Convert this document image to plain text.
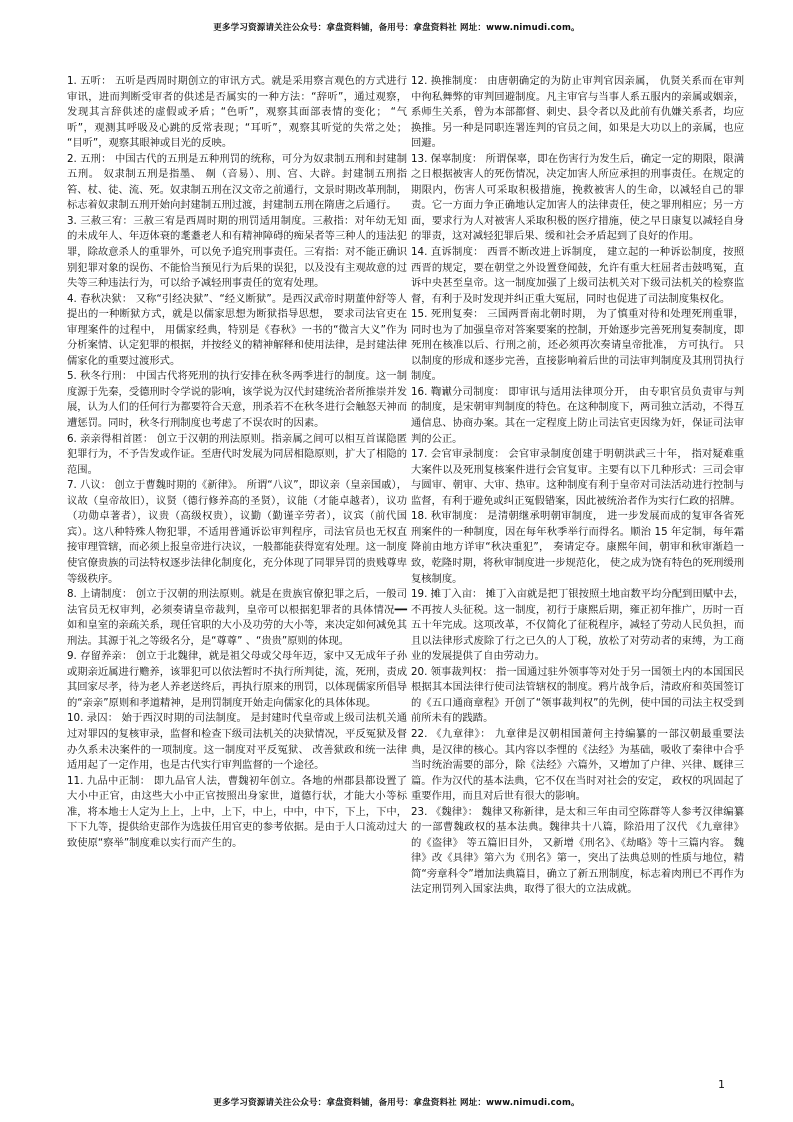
更多学习资源请关注公众号：拿盘资料铺，备用号：拿盘资料社 网址：www.nimudi.com。

1. 五听： 五听是西周时期创立的审讯方式。就是采用察言观色的方式进行审讯，进而判断受审者的供述是否属实的一种方法：“辞听”，通过观察，发现其言辞供述的虚假或矛盾；“色听”，观察其面部表情的变化； “气听”，观测其呼吸及心跳的反常表现；“耳听”，观察其听觉的失常之处； “目听”，观察其眼神或目光的反映。

2. 五刑： 中国古代的五刑是五种刑罚的统称，可分为奴隶制五刑和封建制五刑。 奴隶制五刑是指墨、 劓（音易）、刖、宫、大辟。封建制五刑指笞、杖、徒、流、死。奴隶制五刑在汉文帝之前通行，文景时期改革刑制，标志着奴隶制五刑开始向封建制五刑过渡，封建制五刑在隋唐之后通行。

3. 三赦三宥：三赦三宥是西周时期的刑罚适用制度。三赦指：对年幼无知的未成年人、年迈体衰的耄耋老人和有精神障碍的痴呆者等三种人的违法犯罪，除故意杀人的重罪外，可以免予追究刑事责任。三宥指：对不能正确识别犯罪对象的误伤、不能恰当预见行为后果的误犯，以及没有主观故意的过失等三种违法行为，可以给予减轻刑事责任的宽宥处理。

4. 春秋决狱： 又称“引经决狱”、“经义断狱”。是西汉武帝时期董仲舒等人提出的一种断狱方式，就是以儒家思想为断狱指导思想， 要求司法官吏在审理案件的过程中， 用儒家经典，特别是《春秋》一书的“微言大义”作为分析案情、认定犯罪的根据，并按经义的精神解释和使用法律，是封建法律儒家化的重要过渡形式。

5. 秋冬行刑： 中国古代将死刑的执行安排在秋冬两季进行的制度。这一制度源于先秦，受德刑时令学说的影响，该学说为汉代封建统治者所推崇并发展，认为人们的任何行为都要符合天意，刑杀若不在秋冬进行会触怒天神而遭惩罚。同时，秋冬行刑制度也考虑了不误农时的因素。

6. 亲亲得相首匿： 创立于汉朝的刑法原则。指亲属之间可以相互首谋隐匿犯罪行为，不予告发或作证。至唐代时发展为同居相隐原则，扩大了相隐的范围。

7. 八议： 创立于曹魏时期的《新律》。 所谓“八议”，即议亲（皇亲国戚），议故（皇帝故旧），议贤（德行修养高的圣贤），议能（才能卓越者），议功（功勋卓著者），议贵（高级权贵），议勤（勤谨辛劳者），议宾（前代国宾）。这八种特殊人物犯罪，不适用普通诉讼审判程序，司法官员也无权直接审理管辖，而必须上报皇帝进行决议，一般都能获得宽宥处理。这一制度使官僚贵族的司法特权逐步法律化制度化，充分体现了同罪异罚的贵贱尊卑等级秩序。

8. 上请制度： 创立于汉朝的刑法原则。就是在贵族官僚犯罪之后，一般司法官员无权审判，必须奏请皇帝裁判，皇帝可以根据犯罪者的具体情况━━如和皇室的亲疏关系，现任官职的大小及功劳的大小等，来决定如何减免其刑法。其源于礼之等级名分，是“尊尊” 、“贵贵”原则的体现。

9. 存留养亲： 创立于北魏律，就是祖父母或父母年迈，家中又无成年子孙或期亲近属进行赡养，该罪犯可以依法暂时不执行所判徒，流，死刑，责成其回家尽孝，待为老人养老送终后，再执行原来的刑罚，以体现儒家所倡导的“亲亲”原则和孝道精神，是刑罚制度开始走向儒家化的具体体现。

10. 录囚： 始于西汉时期的司法制度。 是封建时代皇帝或上级司法机关通过对罪囚的复核审录，监督和检查下级司法机关的决狱情况，平反冤狱及督办久系未决案件的一项制度。这一制度对平反冤狱、 改善狱政和统一法律适用起了一定作用，也是古代实行审判监督的一个途径。

11. 九品中正制： 即九品官人法，曹魏初年创立。各地的州郡县都设置了大小中正官，由这些大小中正官按照出身家世，道德行状，才能大小等标准，将本地士人定为上上，上中，上下，中上，中中，中下，下上，下中，下下九等，提供给吏部作为选拔任用官吏的参考依据。是由于人口流动过大致使原“察举”制度难以实行而产生的。

12. 换推制度： 由唐朝确定的为防止审判官因亲属， 仇贤关系而在审判中徇私舞弊的审判回避制度。凡主审官与当事人系五服内的亲属或姻亲，系师生关系，曾为本部都督、刺史、县令者以及此前有仇嫌关系者，均应换推。另一种是同职连署连判的官员之间，如果是大功以上的亲属，也应回避。

13. 保辜制度： 所谓保辜，即在伤害行为发生后，确定一定的期限，限满之日根据被害人的死伤情况，决定加害人所应承担的刑事责任。在规定的期限内，伤害人可采取积极措施，挽救被害人的生命，以减轻自己的罪责。它一方面力争正确地认定加害人的法律责任，使之罪刑相应；另一方面，要求行为人对被害人采取积极的医疗措施，使之早日康复以减轻自身的罪责，这对减轻犯罪后果、缓和社会矛盾起到了良好的作用。

14. 直诉制度： 西晋不断改进上诉制度， 建立起的一种诉讼制度，按照西晋的规定，要在朝堂之外设置登闻鼓，允许有重大枉屈者击鼓鸣冤，直诉中央甚至皇帝。这一制度加强了上级司法机关对下级司法机关的检察监督，有利于及时发现并纠正重大冤屈，同时也促进了司法制度集权化。

15. 死刑复奏： 三国两晋南北朝时期， 为了慎重对待和处理死刑重罪，同时也为了加强皇帝对答案要案的控制，开始逐步完善死刑复奏制度，即死刑在核准以后、行刑之前，还必须再次奏请皇帝批准， 方可执行。 只以制度的形成和逐步完善，直接影响着后世的司法审判制度及其刑罚执行制度。

16. 鞫谳分司制度： 即审讯与适用法律项分开， 由专职官员负责审与判的制度，是宋朝审判制度的特色。在这种制度下，两司独立活动，不得互通信息、协商办案。其在一定程度上防止司法官吏因缘为奸，保证司法审判的公正。

17. 会官审录制度： 会官审录制度创建于明朝洪武三十年， 指对疑难重大案件以及死刑复核案件进行会官复审。主要有以下几种形式：三司会审与圆审、朝审、大审、热审。这种制度有利于皇帝对司法活动进行控制与监督，有利于避免或纠正冤假错案，因此被统治者作为实行仁政的招牌。

18. 秋审制度： 是清朝继承明朝审制度， 进一步发展而成的复审各省死刑案件的一种制度，因在每年秋季举行而得名。顺治 15 年定制，每年霜降前由地方详审“秋决重犯”， 奏请定夺。康熙年间，朝审和秋审渐趋一致，乾隆时期，将秋审制度进一步规范化， 使之成为饶有特色的死刑缓刑复核制度。

19. 摊丁入亩： 摊丁入亩就是把丁银按照土地亩数平均分配到田赋中去，不再按人头征税。这一制度，初行于康熙后期，雍正初年推广，历时一百五十年完成。这项改革，不仅简化了征税程序，减轻了劳动人民负担，而且以法律形式废除了行之已久的人丁税，放松了对劳动者的束缚，为工商业的发展提供了自由劳动力。

20. 领事裁判权： 指一国通过驻外领事等对处于另一国领土内的本国国民根据其本国法律行使司法管辖权的制度。鸦片战争后，清政府和英国签订的《五口通商章程》开创了“领事裁判权”的先例，使中国的司法主权受到前所未有的践踏。

22. 《九章律》： 九章律是汉朝相国萧何主持编纂的一部汉朝最重要法典，是汉律的核心。其内容以李悝的《法经》为基础，吸收了秦律中合乎当时统治需要的部分，除《法经》六篇外，又增加了户律、兴律、厩律三篇。作为汉代的基本法典，它不仅在当时对社会的安定， 政权的巩固起了重要作用，而且对后世有很大的影响。

23. 《魏律》： 魏律又称新律，是太和三年由司空陈群等人参考汉律编纂的一部曹魏政权的基本法典。魏律共十八篇，除沿用了汉代 《九章律》 的《盗律》 等五篇旧目外， 又新增《刑名》、《劫略》等十三篇内容。 魏律》改《具律》第六为《刑名》第一，突出了法典总则的性质与地位，精简“旁章科令”增加法典篇目，确立了新五刑制度，标志着肉刑已不再作为法定刑罚列入国家法典，取得了很大的立法成就。

1
更多学习资源请关注公众号：拿盘资料铺，备用号：拿盘资料社 网址：www.nimudi.com。
